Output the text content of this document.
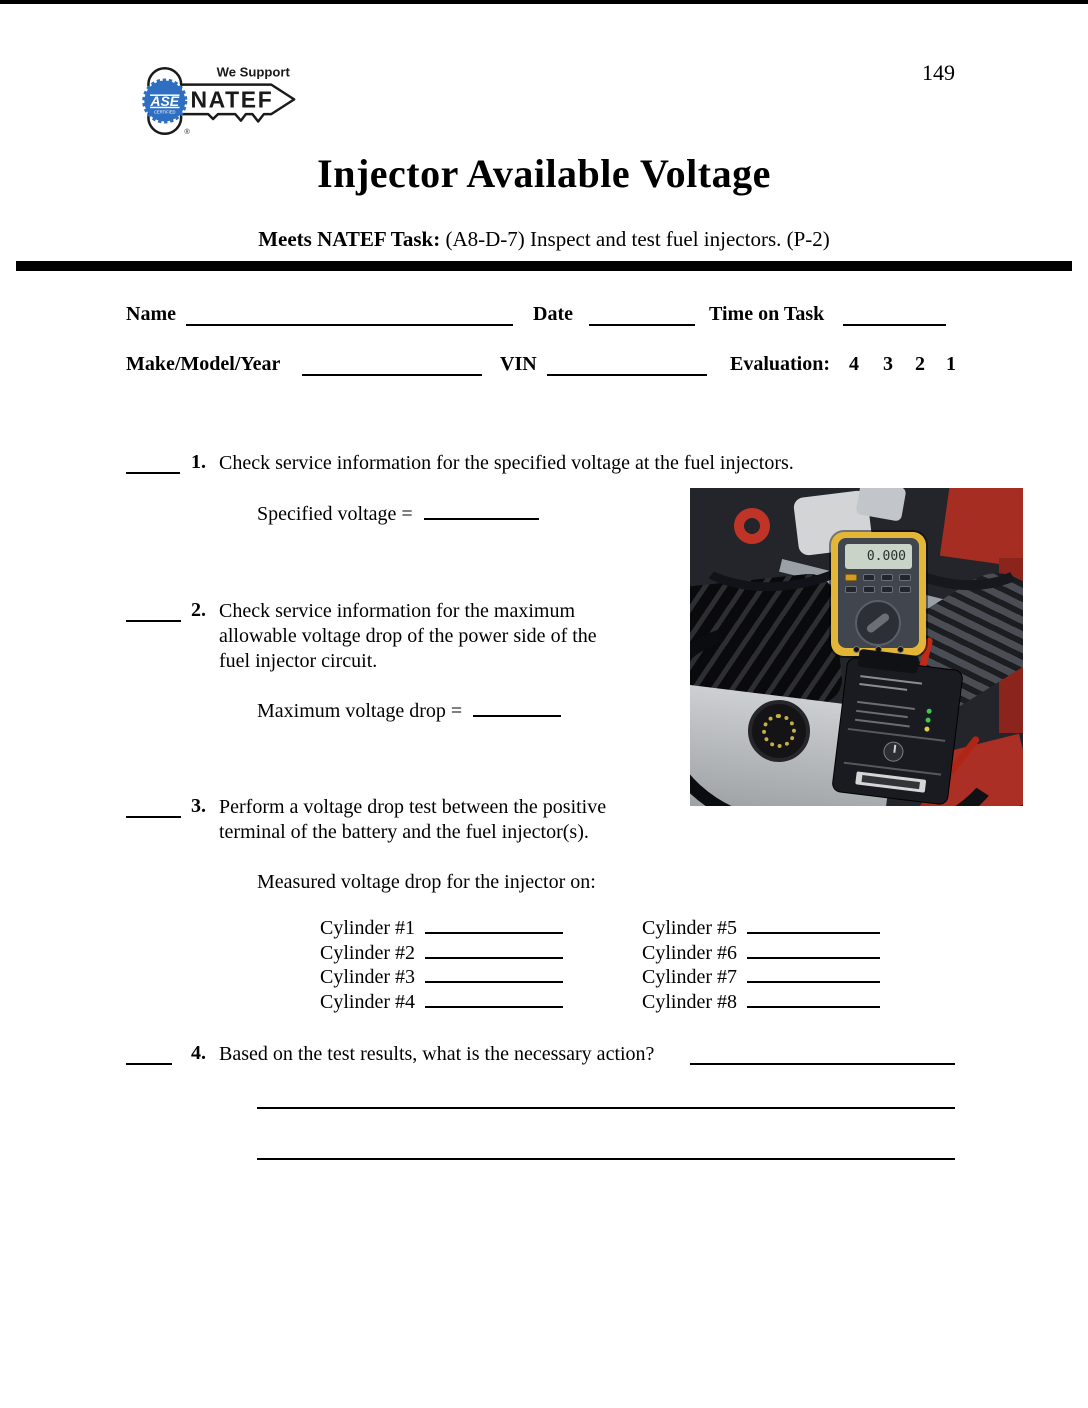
149
ASE
CERTIFIED
We Support
NATEF
®
Injector Available Voltage
Meets NATEF Task: (A8-D-7) Inspect and test fuel injectors. (P-2)
Name	Date	Time on Task
Make/Model/Year	VIN	Evaluation: 4 3 2 1
1. Check service information for the specified voltage at the fuel injectors.
Specified voltage =
0.000
2. Check service information for the maximum allowable voltage drop of the power side of the fuel injector circuit.
Maximum voltage drop =
3. Perform a voltage drop test between the positive terminal of the battery and the fuel injector(s).
Measured voltage drop for the injector on:
Cylinder #1
Cylinder #2
Cylinder #3
Cylinder #4
Cylinder #5
Cylinder #6
Cylinder #7
Cylinder #8
4. Based on the test results, what is the necessary action?
